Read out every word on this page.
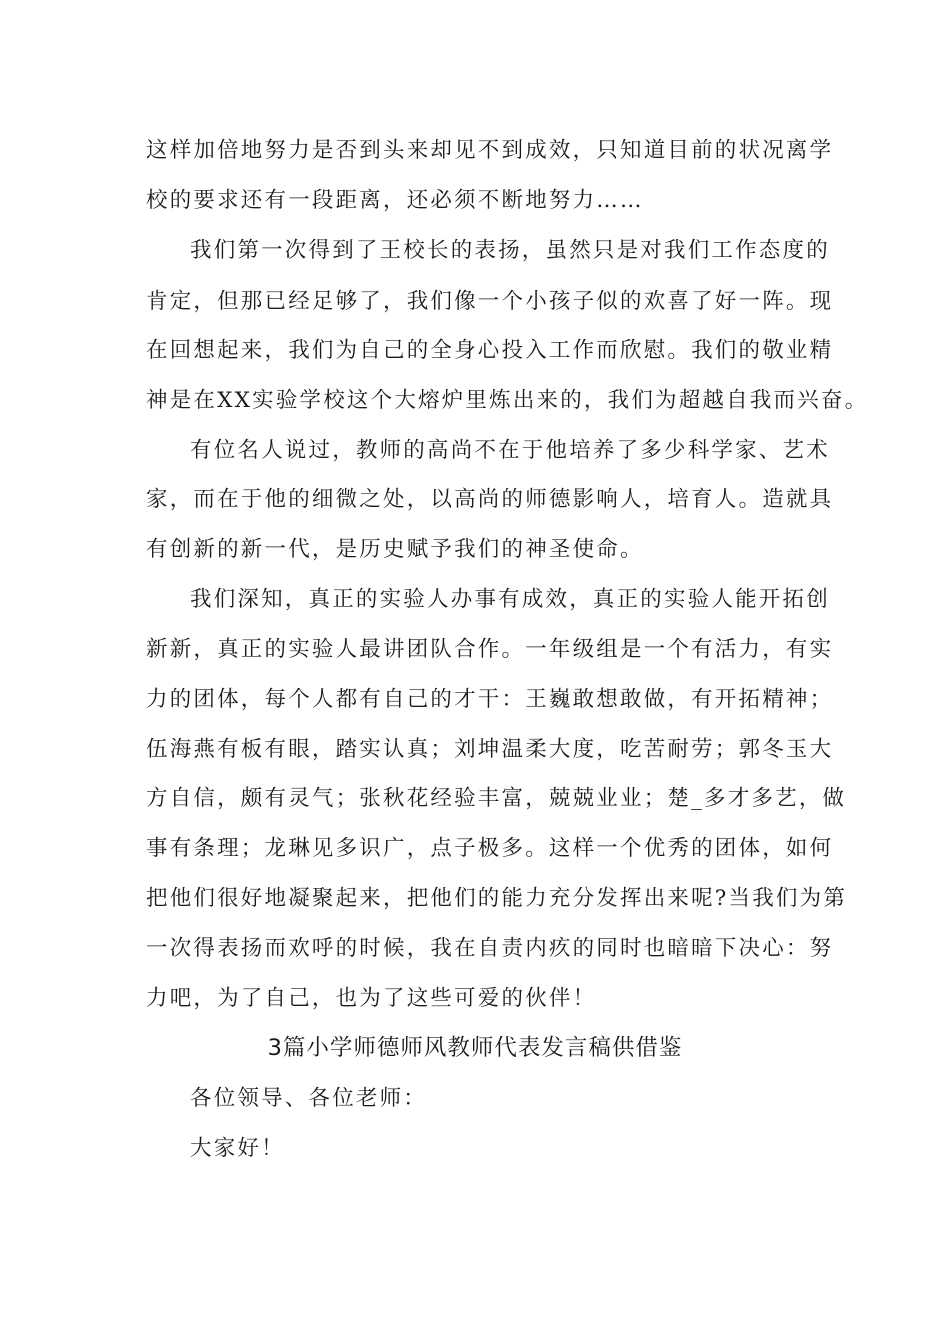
这样加倍地努力是否到头来却见不到成效，只知道目前的状况离学
校的要求还有一段距离，还必须不断地努力……
我们第一次得到了王校长的表扬，虽然只是对我们工作态度的
肯定，但那已经足够了，我们像一个小孩子似的欢喜了好一阵。现
在回想起来，我们为自己的全身心投入工作而欣慰。我们的敬业精
神是在XX实验学校这个大熔炉里炼出来的，我们为超越自我而兴奋。
有位名人说过，教师的高尚不在于他培养了多少科学家、艺术
家，而在于他的细微之处，以高尚的师德影响人，培育人。造就具
有创新的新一代，是历史赋予我们的神圣使命。
我们深知，真正的实验人办事有成效，真正的实验人能开拓创
新新，真正的实验人最讲团队合作。一年级组是一个有活力，有实
力的团体，每个人都有自己的才干：王巍敢想敢做，有开拓精神；
伍海燕有板有眼，踏实认真；刘坤温柔大度，吃苦耐劳；郭冬玉大
方自信，颇有灵气；张秋花经验丰富，兢兢业业；楚_多才多艺，做
事有条理；龙琳见多识广，点子极多。这样一个优秀的团体，如何
把他们很好地凝聚起来，把他们的能力充分发挥出来呢?当我们为第
一次得表扬而欢呼的时候，我在自责内疚的同时也暗暗下决心：努
力吧，为了自己，也为了这些可爱的伙伴！
3篇小学师德师风教师代表发言稿供借鉴
各位领导、各位老师：
大家好！
